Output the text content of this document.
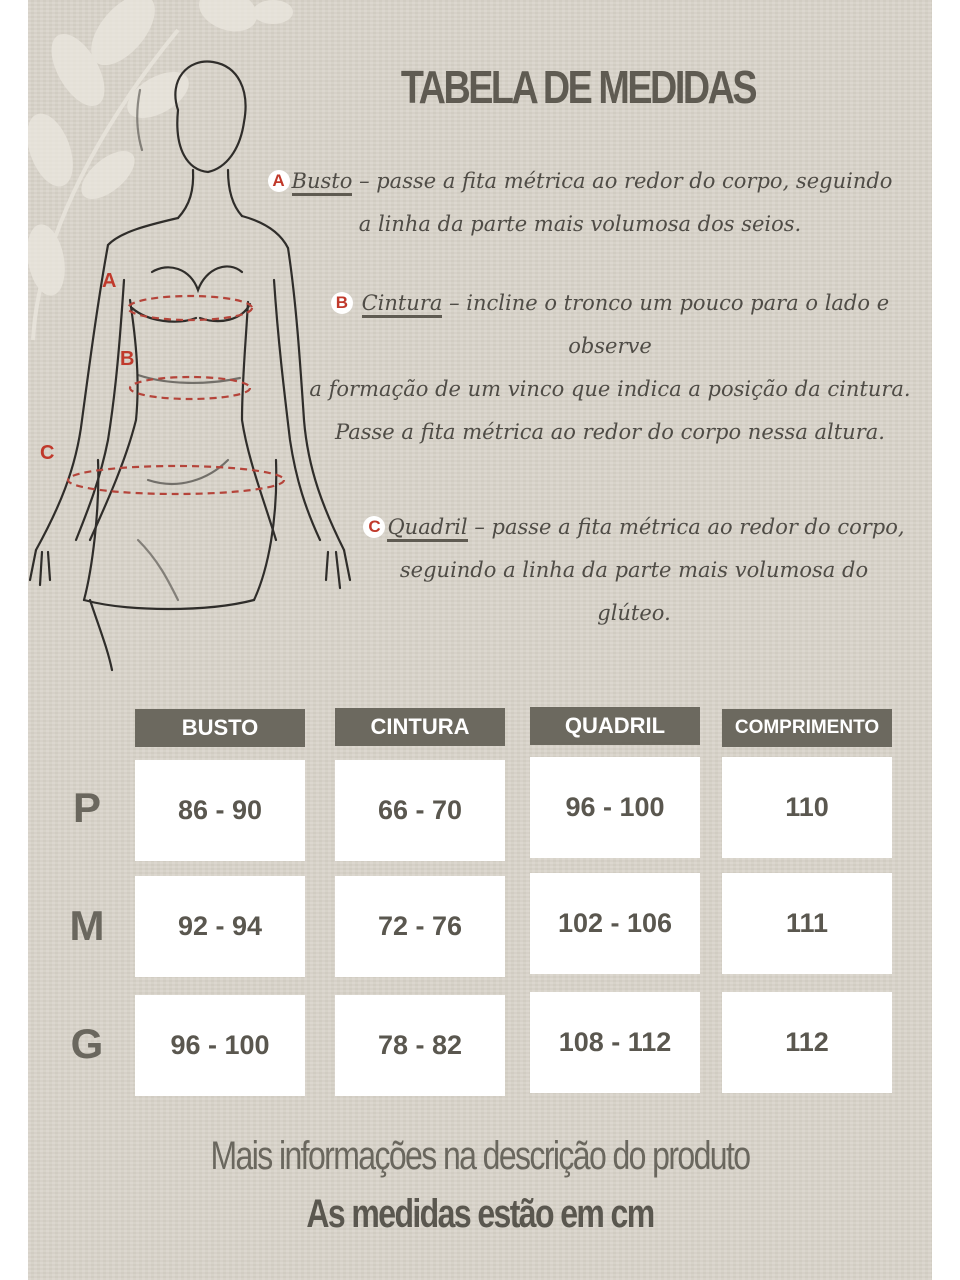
A
B
C
TABELA DE MEDIDAS
A Busto – passe a fita métrica ao redor do corpo, seguindo
a linha da parte mais volumosa dos seios.
B Cintura – incline o tronco um pouco para o lado e
observe
a formação de um vinco que indica a posição da cintura.
Passe a fita métrica ao redor do corpo nessa altura.
C Quadril – passe a fita métrica ao redor do corpo,
seguindo a linha da parte mais volumosa do
glúteo.
BUSTO	CINTURA	QUADRIL	COMPRIMENTO
P	86 - 90	66 - 70	96 - 100	110
M	92 - 94	72 - 76	102 - 106	111
G	96 - 100	78 - 82	108 - 112	112
Mais informações na descrição do produto
As medidas estão em cm
